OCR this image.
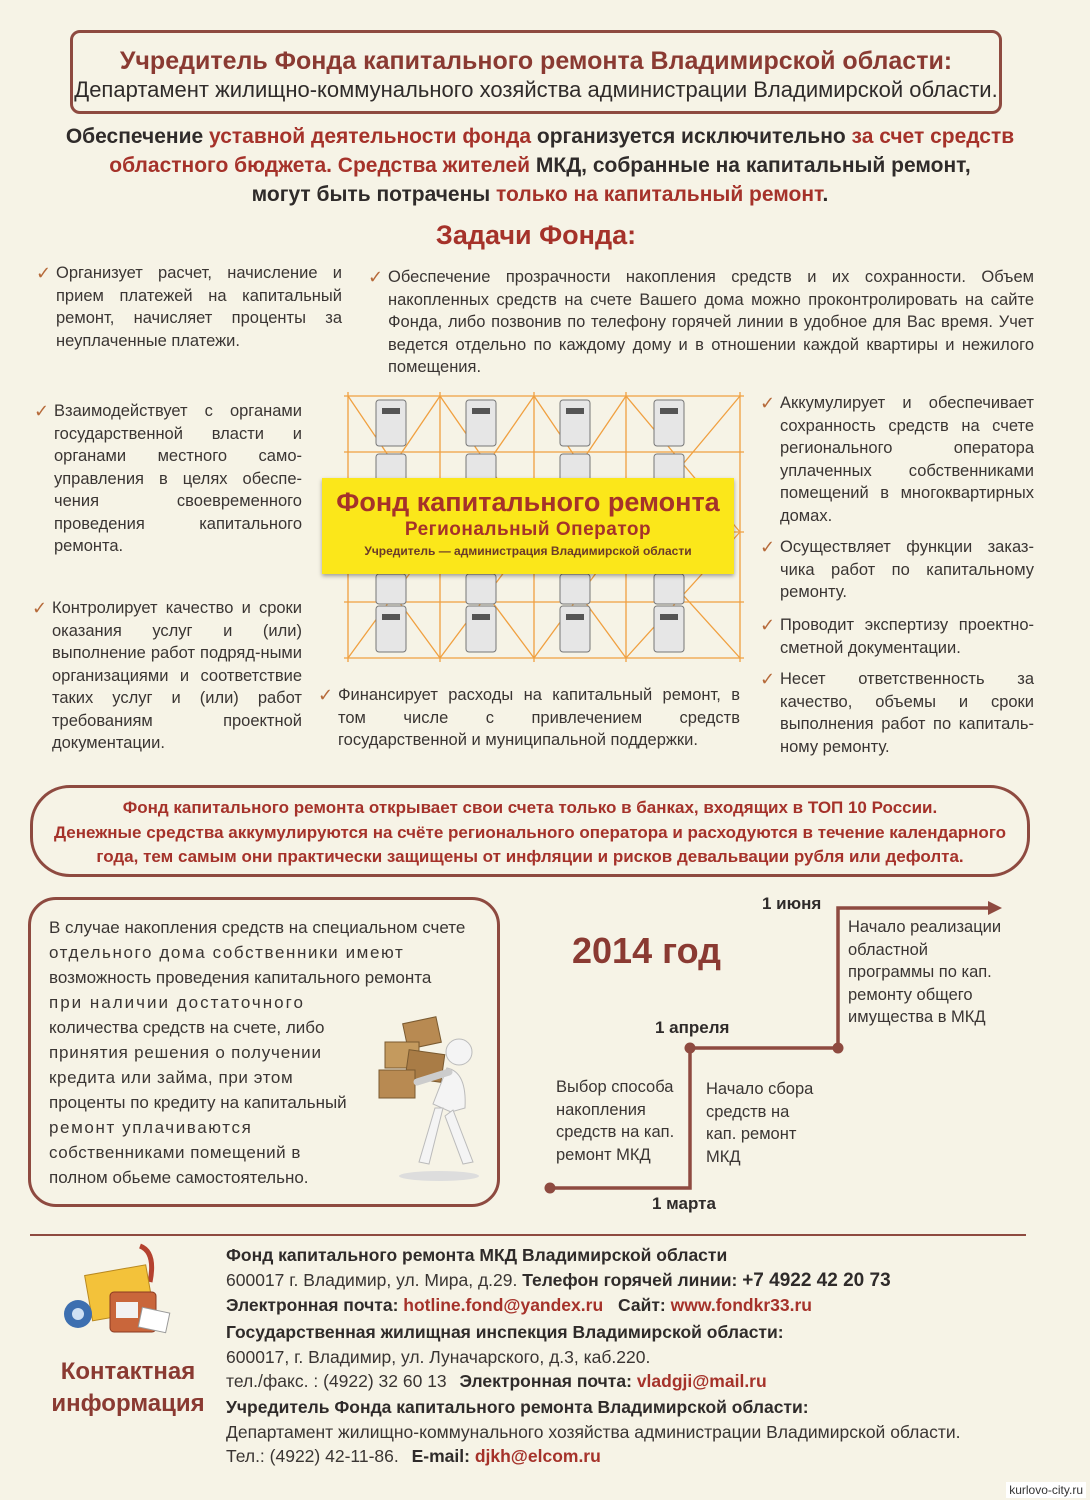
Учредитель Фонда капитального ремонта Владимирской области:
Департамент жилищно-коммунального хозяйства администрации Владимирской области.
Обеспечение уставной деятельности фонда организуется исключительно за счет средств
областного бюджета. Средства жителей МКД, собранные на капитальный ремонт,
могут быть потрачены только на капитальный ремонт.
Задачи Фонда:
✓ Организует расчет, начисление и прием платежей на капитальный ремонт, начисляет проценты за неуплаченные платежи.
✓ Обеспечение прозрачности накопления средств и их сохранности. Объем накопленных средств на счете Вашего дома можно проконтролировать на сайте Фонда, либо позвонив по телефону горячей линии в удобное для Вас время. Учет ведется отдельно по каждому дому и в отношении каждой квартиры и нежилого помещения.
✓ Взаимодействует с органами государственной власти и органами местного само-управления в целях обеспе-чения своевременного проведения капитального ремонта.
✓ Аккумулирует и обеспечивает сохранность средств на счете регионального оператора уплаченных собственниками помещений в многоквартирных домах.
✓ Осуществляет функции заказ-чика работ по капитальному ремонту.
✓ Контролирует качество и сроки оказания услуг и (или) выполнение работ подряд-ными организациями и соответствие таких услуг и (или) работ требованиям проектной документации.
✓ Проводит экспертизу проектно-сметной документации.
✓ Финансирует расходы на капитальный ремонт, в том числе с привлечением средств государственной и муниципальной поддержки.
✓ Несет ответственность за качество, объемы и сроки выполнения работ по капиталь-ному ремонту.
Фонд капитального ремонта
Региональный Оператор
Учредитель — администрация Владимирской области
Фонд капитального ремонта открывает свои счета только в банках, входящих в ТОП 10 России.
Денежные средства аккумулируются на счёте регионального оператора и расходуются в течение календарного
года, тем самым они практически защищены от инфляции и рисков девальвации рубля или дефолта.
В случае накопления средств на специальном счете
отдельного дома собственники имеют
возможность проведения капитального ремонта
при наличии достаточного
количества средств на счете, либо
принятия решения о получении
кредита или займа, при этом
проценты по кредиту на капитальный
ремонт уплачиваются
собственниками помещений в
полном обьеме самостоятельно.
2014 год
1 марта
1 апреля
1 июня
Выбор способа накопления средств на кап. ремонт МКД
Начало сбора средств на кап. ремонт МКД
Начало реализации областной программы по кап. ремонту общего имущества в МКД
Контактная информация
Фонд капитального ремонта МКД Владимирской области
600017 г. Владимир, ул. Мира, д.29. Телефон горячей линии: +7 4922 42 20 73
Электронная почта: hotline.fond@yandex.ru Сайт: www.fondkr33.ru
Государственная жилищная инспекция Владимирской области:
600017, г. Владимир, ул. Луначарского, д.3, каб.220.
тел./факс. : (4922) 32 60 13 Электронная почта: vladgji@mail.ru
Учредитель Фонда капитального ремонта Владимирской области:
Департамент жилищно-коммунального хозяйства администрации Владимирской области.
Тел.: (4922) 42-11-86. E-mail: djkh@elcom.ru
kurlovo-city.ru
